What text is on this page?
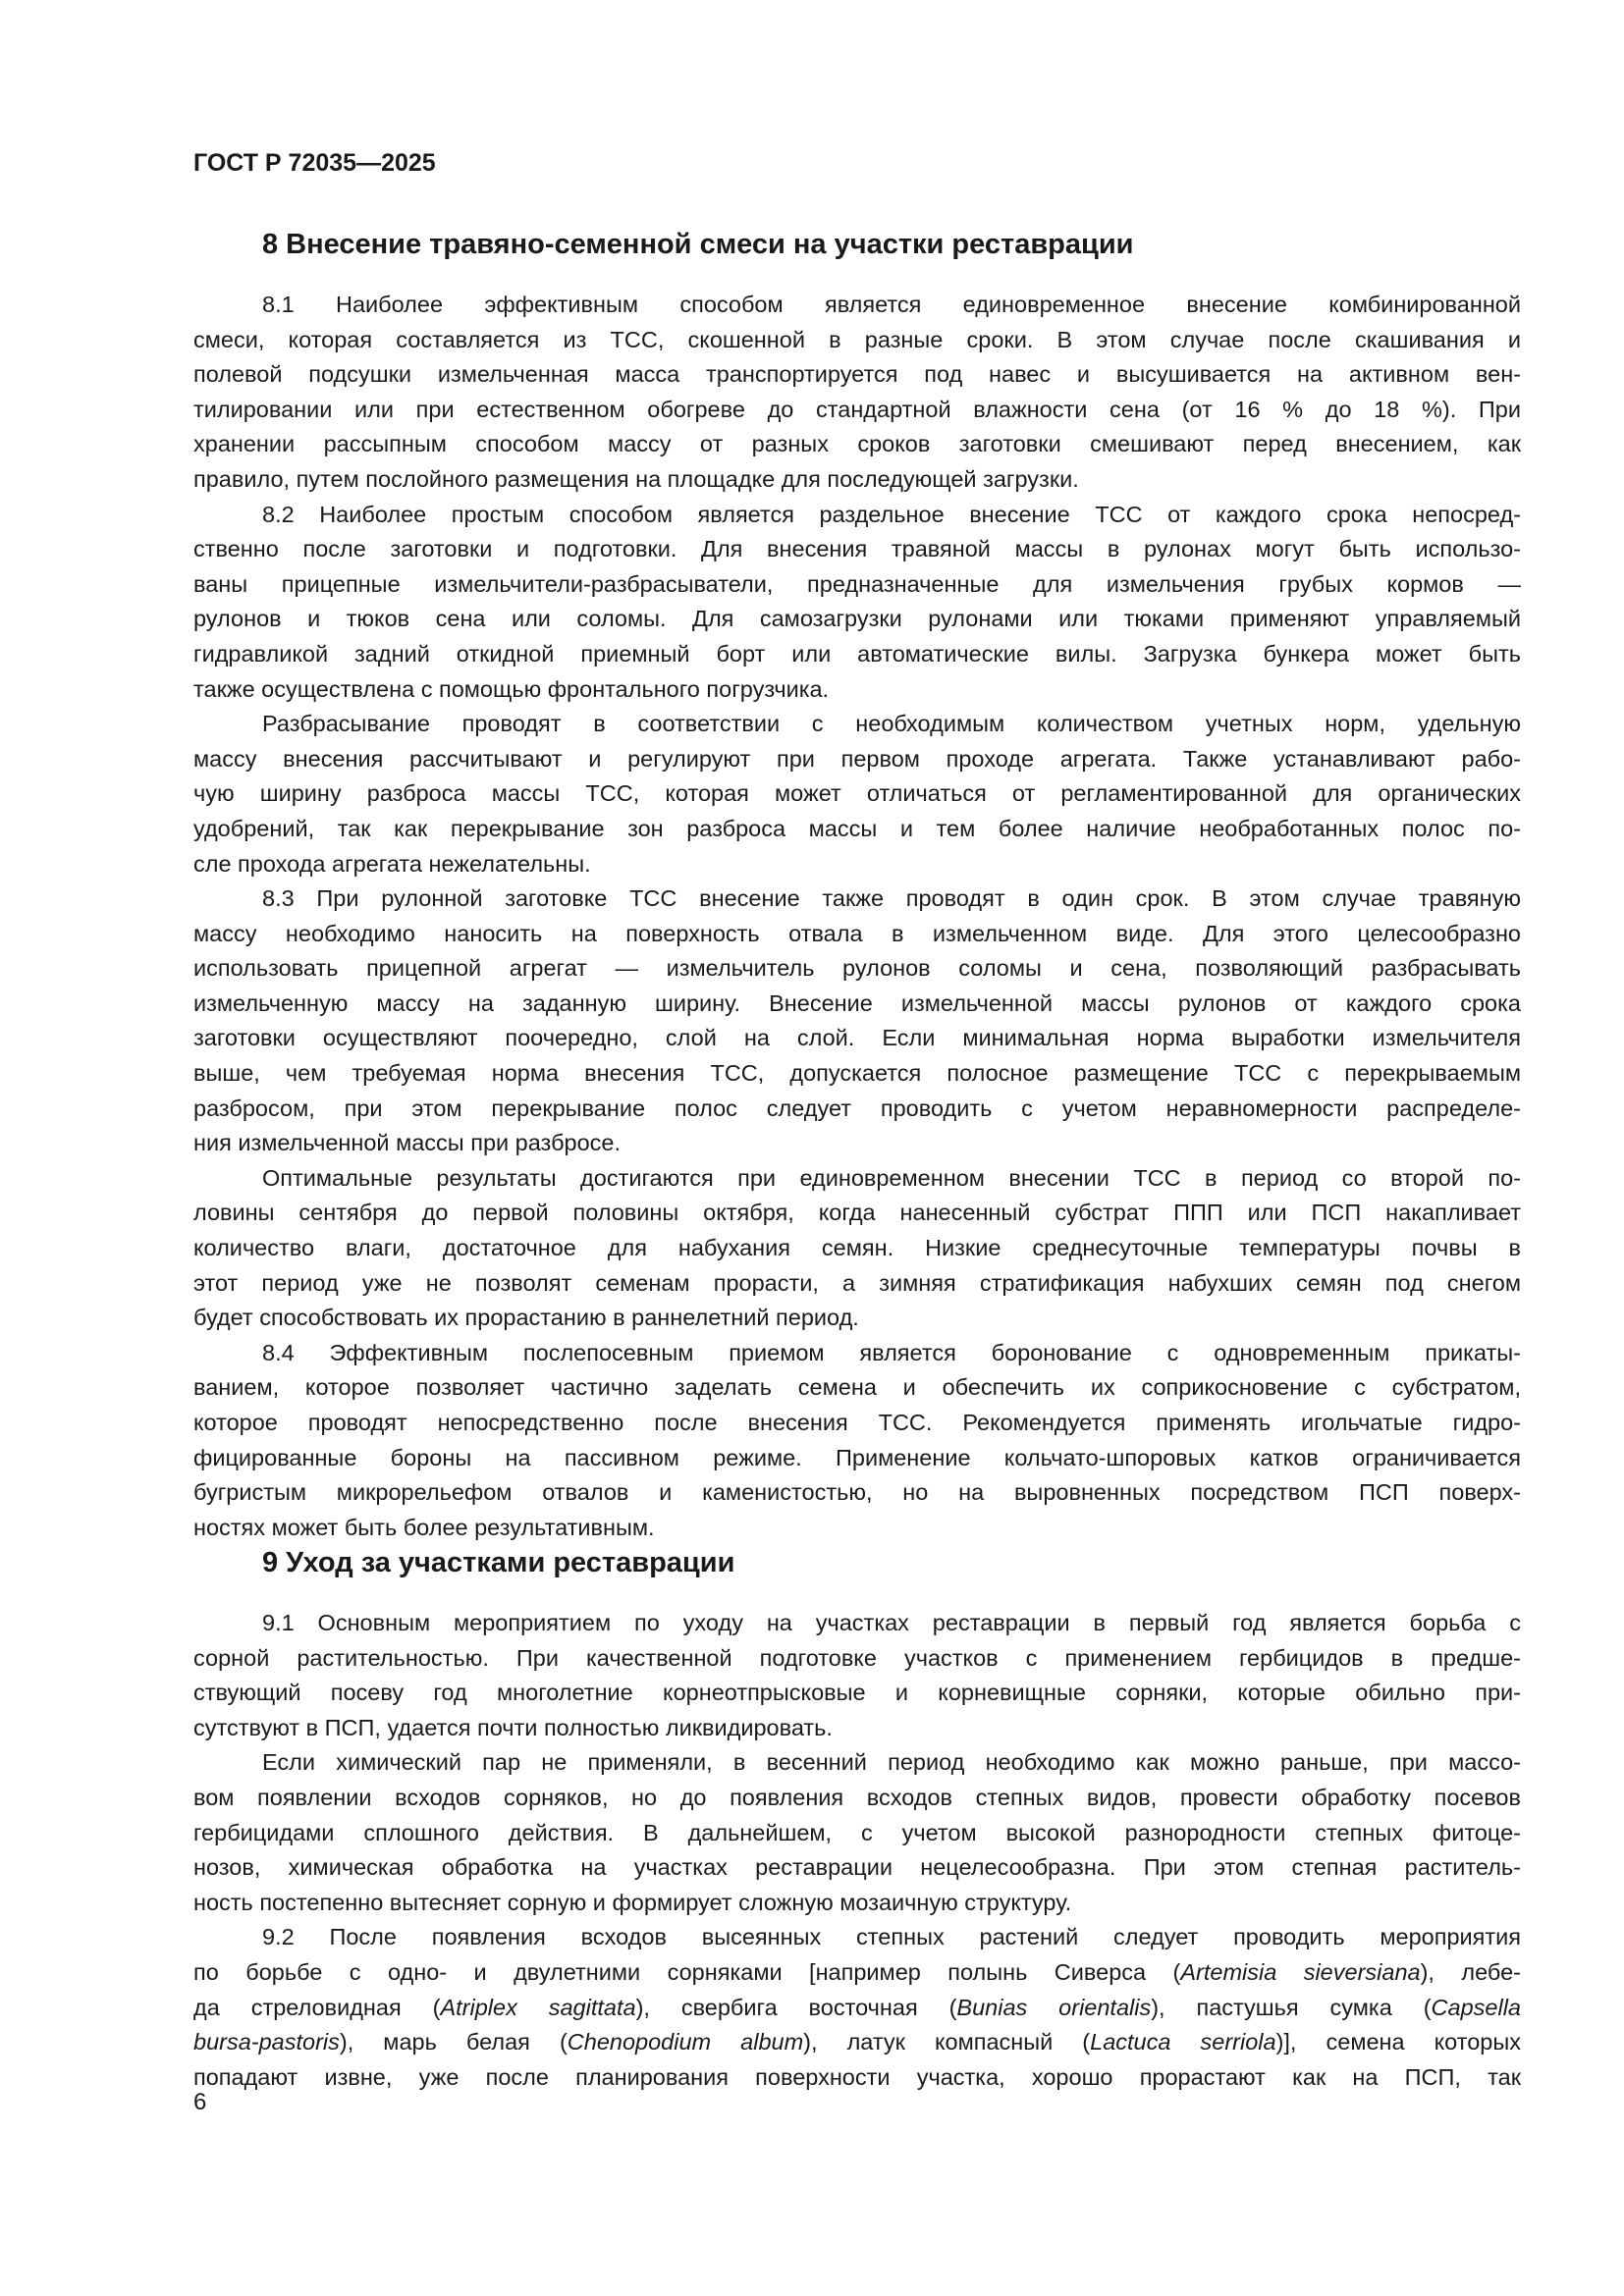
ГОСТ Р 72035—2025
8 Внесение травяно-семенной смеси на участки реставрации
8.1 Наиболее эффективным способом является единовременное внесение комбинированной
смеси, которая составляется из ТСС, скошенной в разные сроки. В этом случае после скашивания и
полевой подсушки измельченная масса транспортируется под навес и высушивается на активном вен-
тилировании или при естественном обогреве до стандартной влажности сена (от 16 % до 18 %). При
хранении рассыпным способом массу от разных сроков заготовки смешивают перед внесением, как
правило, путем послойного размещения на площадке для последующей загрузки.
8.2 Наиболее простым способом является раздельное внесение ТСС от каждого срока непосред-
ственно после заготовки и подготовки. Для внесения травяной массы в рулонах могут быть использо-
ваны прицепные измельчители-разбрасыватели, предназначенные для измельчения грубых кормов —
рулонов и тюков сена или соломы. Для самозагрузки рулонами или тюками применяют управляемый
гидравликой задний откидной приемный борт или автоматические вилы. Загрузка бункера может быть
также осуществлена с помощью фронтального погрузчика.
Разбрасывание проводят в соответствии с необходимым количеством учетных норм, удельную
массу внесения рассчитывают и регулируют при первом проходе агрегата. Также устанавливают рабо-
чую ширину разброса массы ТСС, которая может отличаться от регламентированной для органических
удобрений, так как перекрывание зон разброса массы и тем более наличие необработанных полос по-
сле прохода агрегата нежелательны.
8.3 При рулонной заготовке ТСС внесение также проводят в один срок. В этом случае травяную
массу необходимо наносить на поверхность отвала в измельченном виде. Для этого целесообразно
использовать прицепной агрегат — измельчитель рулонов соломы и сена, позволяющий разбрасывать
измельченную массу на заданную ширину. Внесение измельченной массы рулонов от каждого срока
заготовки осуществляют поочередно, слой на слой. Если минимальная норма выработки измельчителя
выше, чем требуемая норма внесения ТСС, допускается полосное размещение ТСС с перекрываемым
разбросом, при этом перекрывание полос следует проводить с учетом неравномерности распределе-
ния измельченной массы при разбросе.
Оптимальные результаты достигаются при единовременном внесении ТСС в период со второй по-
ловины сентября до первой половины октября, когда нанесенный субстрат ППП или ПСП накапливает
количество влаги, достаточное для набухания семян. Низкие среднесуточные температуры почвы в
этот период уже не позволят семенам прорасти, а зимняя стратификация набухших семян под снегом
будет способствовать их прорастанию в раннелетний период.
8.4 Эффективным послепосевным приемом является боронование с одновременным прикаты-
ванием, которое позволяет частично заделать семена и обеспечить их соприкосновение с субстратом,
которое проводят непосредственно после внесения ТСС. Рекомендуется применять игольчатые гидро-
фицированные бороны на пассивном режиме. Применение кольчато-шпоровых катков ограничивается
бугристым микрорельефом отвалов и каменистостью, но на выровненных посредством ПСП поверх-
ностях может быть более результативным.
9 Уход за участками реставрации
9.1 Основным мероприятием по уходу на участках реставрации в первый год является борьба с
сорной растительностью. При качественной подготовке участков с применением гербицидов в предше-
ствующий посеву год многолетние корнеотпрысковые и корневищные сорняки, которые обильно при-
сутствуют в ПСП, удается почти полностью ликвидировать.
Если химический пар не применяли, в весенний период необходимо как можно раньше, при массо-
вом появлении всходов сорняков, но до появления всходов степных видов, провести обработку посевов
гербицидами сплошного действия. В дальнейшем, с учетом высокой разнородности степных фитоце-
нозов, химическая обработка на участках реставрации нецелесообразна. При этом степная раститель-
ность постепенно вытесняет сорную и формирует сложную мозаичную структуру.
9.2 После появления всходов высеянных степных растений следует проводить мероприятия
по борьбе с одно- и двулетними сорняками [например полынь Сиверса (Artemisia sieversiana), лебе-
да стреловидная (Atriplex sagittata), свербига восточная (Bunias orientalis), пастушья сумка (Capsella
bursa-pastoris), марь белая (Chenopodium album), латук компасный (Lactuca serriola)], семена которых
попадают извне, уже после планирования поверхности участка, хорошо прорастают как на ПСП, так
6
